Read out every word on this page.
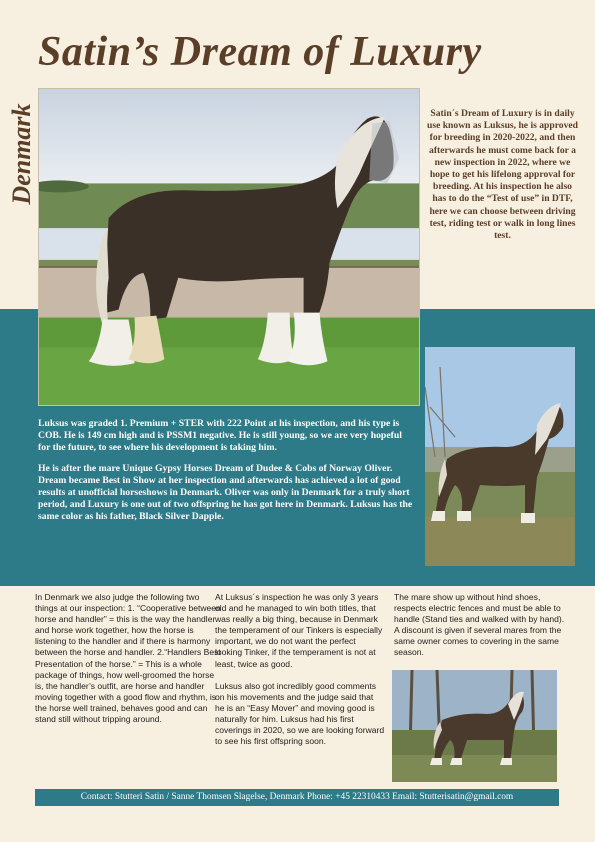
Satin’s Dream of Luxury
Denmark	Satin´s Dream of Luxury is in daily use known as Luksus, he is approved for breeding in 2020-2022, and then afterwards he must come back for a new inspection in 2022, where we hope to get his lifelong approval for breeding. At his inspection he also has to do the “Test of use” in DTF, here we can choose between driving test, riding test or walk in long lines test.

Luksus was graded 1. Premium + STER with 222 Point at his inspection, and his type is COB. He is 149 cm high and is PSSM1 negative. He is still young, so we are very hopeful for the future, to see where his development is taking him.

He is after the mare Unique Gypsy Horses Dream of Dudee & Cobs of Norway Oliver. Dream became Best in Show at her inspection and afterwards has achieved a lot of good results at unofficial horseshows in Denmark. Oliver was only in Denmark for a truly short period, and Luxury is one out of two offspring he has got here in Denmark. Luksus has the same color as his father, Black Silver Dapple.

In Denmark we also judge the following two things at our inspection: 1. “Cooperative between horse and handler” = this is the way the handler and horse work together, how the horse is listening to the handler and if there is harmony between the horse and handler. 2.“Handlers Best Presentation of the horse.” = This is a whole package of things, how well-groomed the horse is, the handler’s outfit, are horse and handler moving together with a good flow and rhythm, is the horse well trained, behaves good and can stand still without tripping around.

At Luksus´s inspection he was only 3 years old and he managed to win both titles, that was really a big thing, because in Denmark the temperament of our Tinkers is especially important, we do not want the perfect looking Tinker, if the temperament is not at least, twice as good.

Luksus also got incredibly good comments on his movements and the judge said that he is an “Easy Mover” and moving good is naturally for him. Luksus had his first coverings in 2020, so we are looking forward to see his first offspring soon.

The mare show up without hind shoes, respects electric fences and must be able to handle (Stand ties and walked with by hand). A discount is given if several mares from the same owner comes to covering in the same season.

Contact: Stutteri Satin / Sanne Thomsen Slagelse, Denmark Phone: +45 22310433 Email: Stutterisatin@gmail.com
